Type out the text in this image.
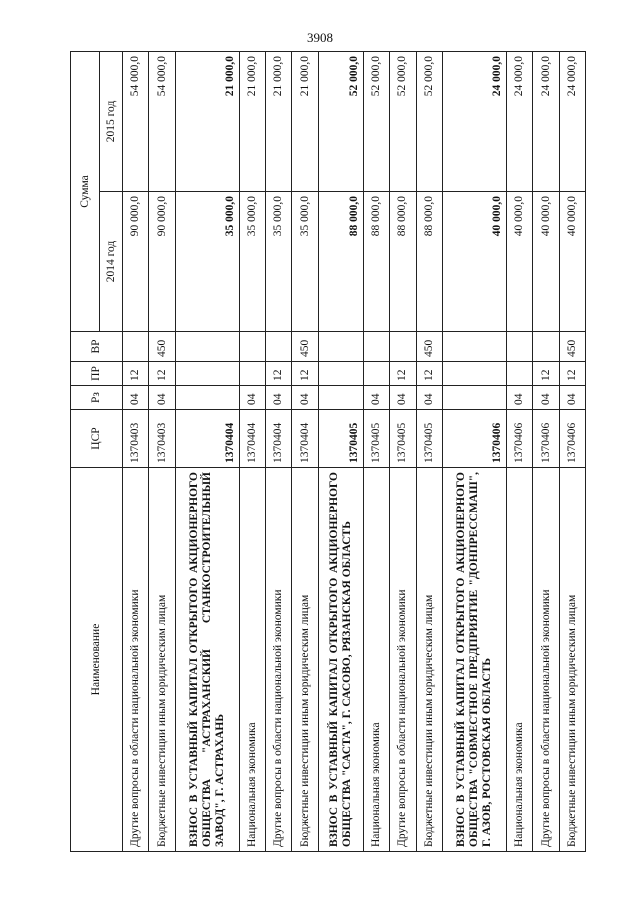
3908
Наименование	ЦСР	Рз	ПР	ВР	Сумма	
					2014 год	2015 год
Другие вопросы в области национальной экономики	1370403	04	12		90 000,0	54 000,0
Бюджетные инвестиции иным юридическим лицам	1370403	04	12	450	90 000,0	54 000,0
ВЗНОС В УСТАВНЫЙ КАПИТАЛ ОТКРЫТОГО АКЦИОНЕРНОГО ОБЩЕСТВА "АСТРАХАНСКИЙ СТАНКОСТРОИТЕЛЬНЫЙ ЗАВОД", Г. АСТРАХАНЬ	1370404				35 000,0	21 000,0
Национальная экономика	1370404	04			35 000,0	21 000,0
Другие вопросы в области национальной экономики	1370404	04	12		35 000,0	21 000,0
Бюджетные инвестиции иным юридическим лицам	1370404	04	12	450	35 000,0	21 000,0
ВЗНОС В УСТАВНЫЙ КАПИТАЛ ОТКРЫТОГО АКЦИОНЕРНОГО ОБЩЕСТВА "САСТА", Г. САСОВО, РЯЗАНСКАЯ ОБЛАСТЬ	1370405				88 000,0	52 000,0
Национальная экономика	1370405	04			88 000,0	52 000,0
Другие вопросы в области национальной экономики	1370405	04	12		88 000,0	52 000,0
Бюджетные инвестиции иным юридическим лицам	1370405	04	12	450	88 000,0	52 000,0
ВЗНОС В УСТАВНЫЙ КАПИТАЛ ОТКРЫТОГО АКЦИОНЕРНОГО ОБЩЕСТВА "СОВМЕСТНОЕ ПРЕДПРИЯТИЕ "ДОНПРЕССМАШ", Г. АЗОВ, РОСТОВСКАЯ ОБЛАСТЬ	1370406				40 000,0	24 000,0
Национальная экономика	1370406	04			40 000,0	24 000,0
Другие вопросы в области национальной экономики	1370406	04	12		40 000,0	24 000,0
Бюджетные инвестиции иным юридическим лицам	1370406	04	12	450	40 000,0	24 000,0
